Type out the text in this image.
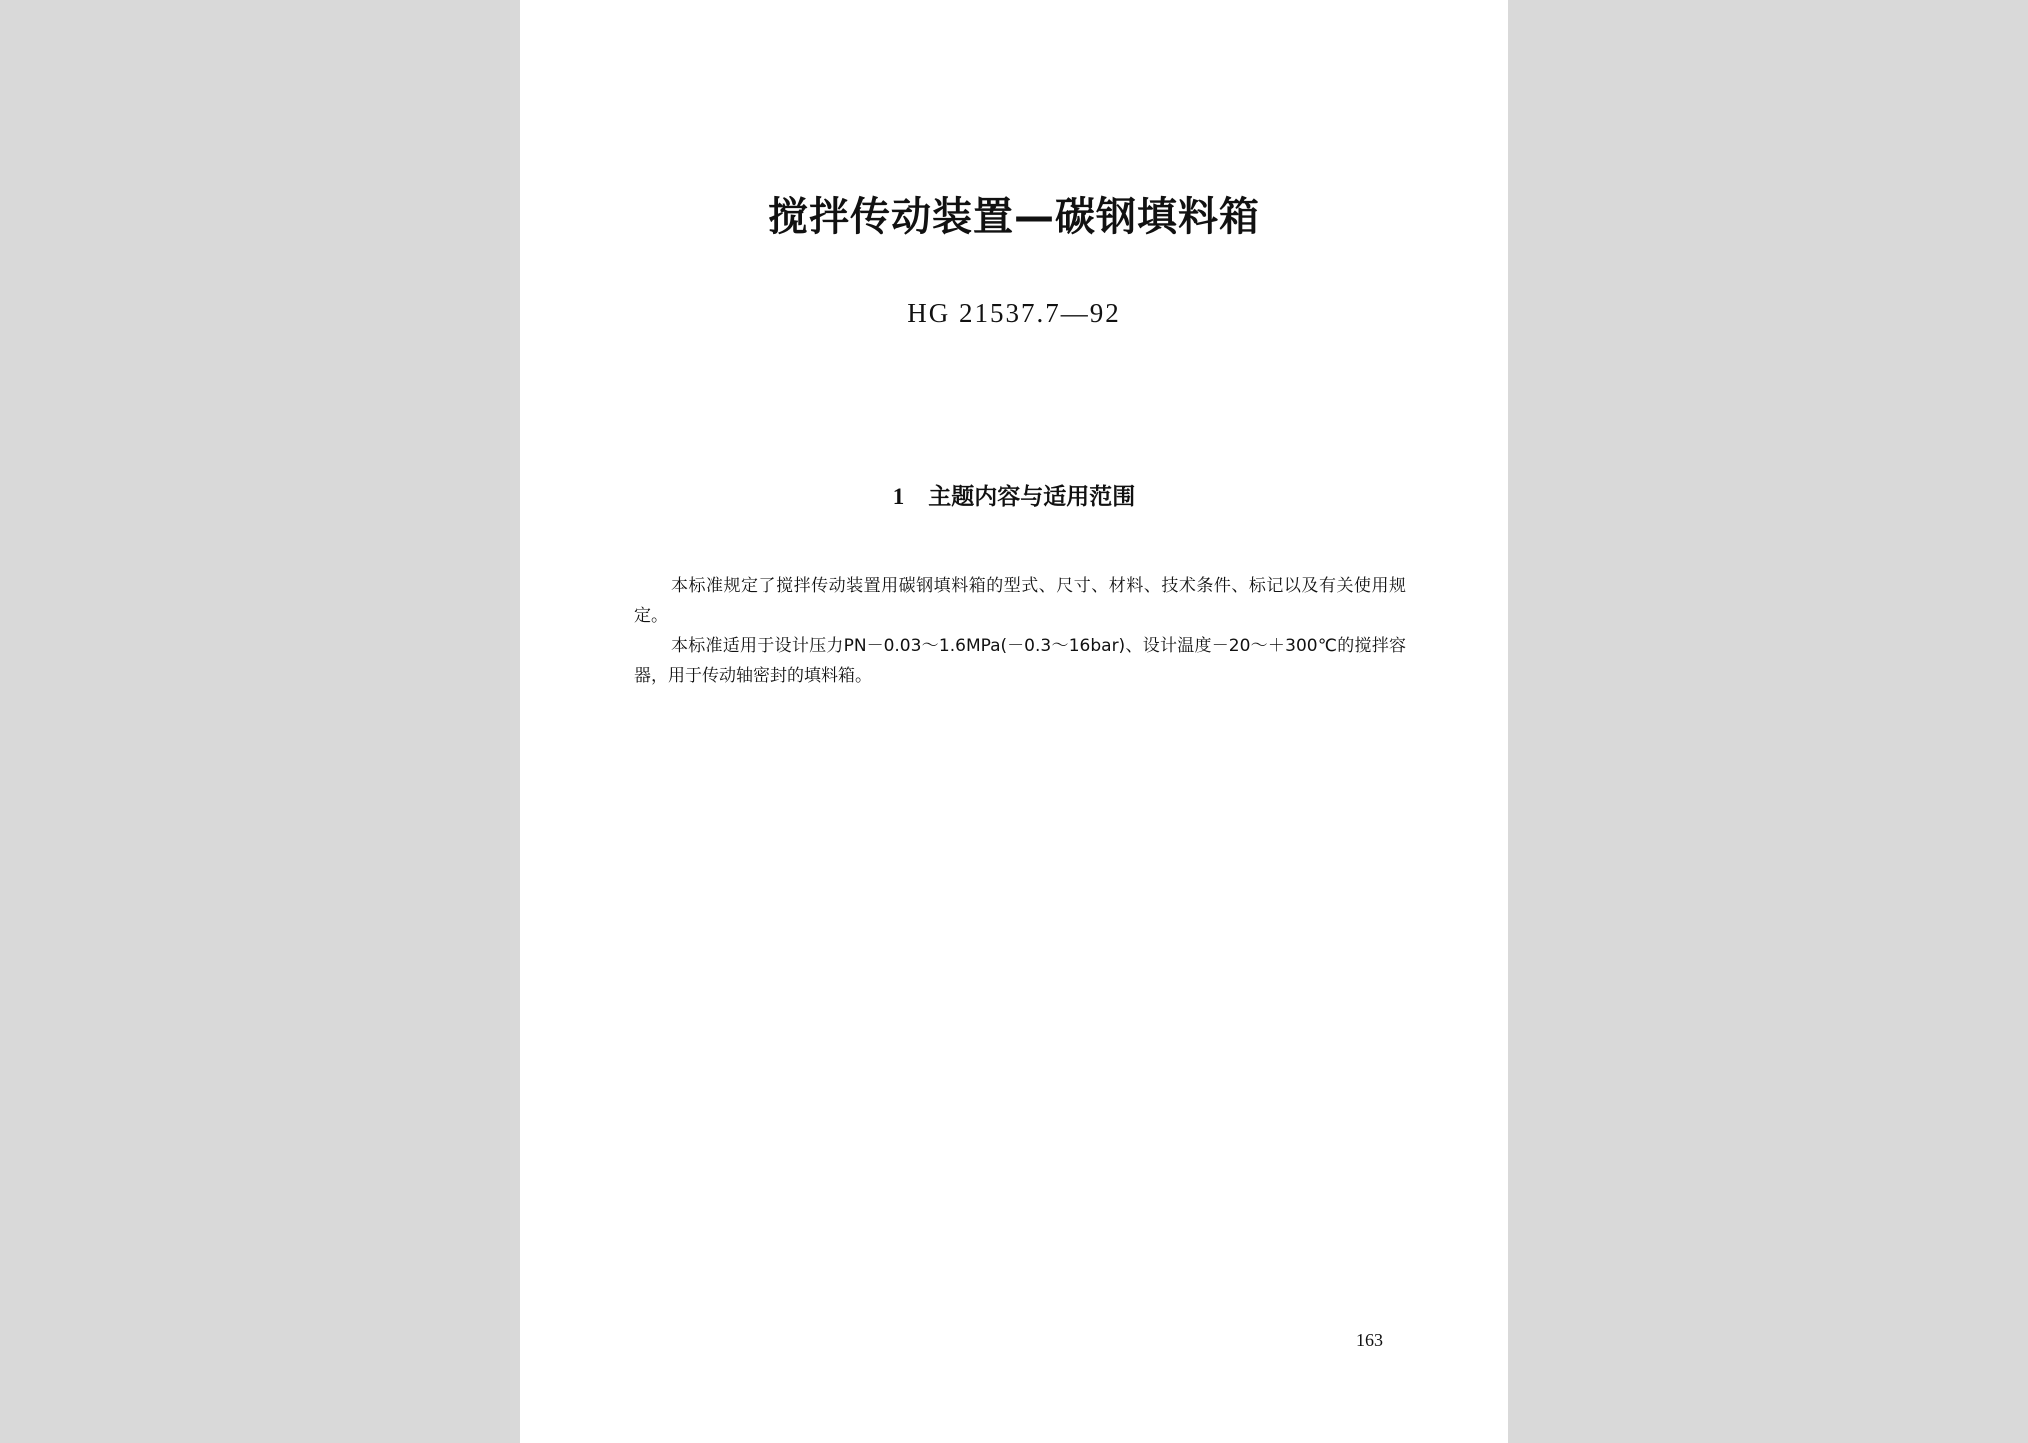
搅拌传动装置—碳钢填料箱

HG 21537.7—92

1 主题内容与适用范围

本标准规定了搅拌传动装置用碳钢填料箱的型式、尺寸、材料、技术条件、标记以及有关使用规定。

本标准适用于设计压力PN－0.03～1.6MPa(－0.3～16bar)、设计温度－20～＋300℃的搅拌容器，用于传动轴密封的填料箱。

163
